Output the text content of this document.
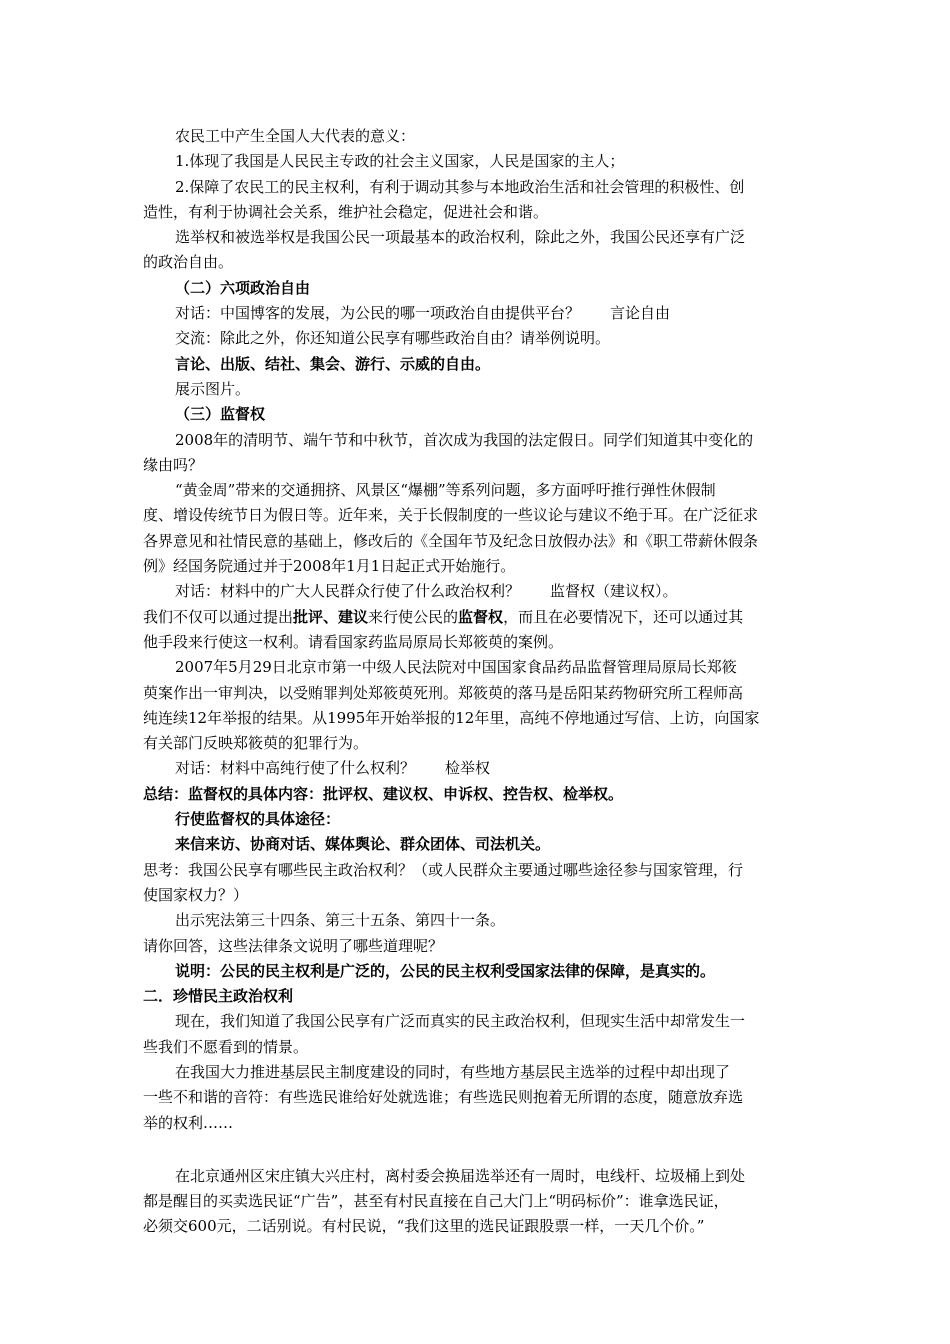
农民工中产生全国人大代表的意义：

1.体现了我国是人民民主专政的社会主义国家，人民是国家的主人；

2.保障了农民工的民主权利，有利于调动其参与本地政治生活和社会管理的积极性、创

造性，有利于协调社会关系，维护社会稳定，促进社会和谐。

选举权和被选举权是我国公民一项最基本的政治权利，除此之外，我国公民还享有广泛

的政治自由。

（二）六项政治自由

对话：中国博客的发展，为公民的哪一项政治自由提供平台？ 言论自由

交流：除此之外，你还知道公民享有哪些政治自由？请举例说明。

言论、出版、结社、集会、游行、示威的自由。

展示图片。

（三）监督权

2008年的清明节、端午节和中秋节，首次成为我国的法定假日。同学们知道其中变化的

缘由吗？

“黄金周”带来的交通拥挤、风景区“爆棚”等系列问题，多方面呼吁推行弹性休假制

度、增设传统节日为假日等。近年来，关于长假制度的一些议论与建议不绝于耳。在广泛征求

各界意见和社情民意的基础上，修改后的《全国年节及纪念日放假办法》和《职工带薪休假条

例》经国务院通过并于2008年1月1日起正式开始施行。

对话：材料中的广大人民群众行使了什么政治权利？ 监督权（建议权）。

我们不仅可以通过提出批评、建议来行使公民的监督权，而且在必要情况下，还可以通过其

他手段来行使这一权利。请看国家药监局原局长郑筱萸的案例。

2007年5月29日北京市第一中级人民法院对中国国家食品药品监督管理局原局长郑筱

萸案作出一审判决，以受贿罪判处郑筱萸死刑。郑筱萸的落马是岳阳某药物研究所工程师高

纯连续12年举报的结果。从1995年开始举报的12年里，高纯不停地通过写信、上访，向国家

有关部门反映郑筱萸的犯罪行为。

对话：材料中高纯行使了什么权利？ 检举权

总结：监督权的具体内容：批评权、建议权、申诉权、控告权、检举权。

行使监督权的具体途径：

来信来访、协商对话、媒体舆论、群众团体、司法机关。

思考：我国公民享有哪些民主政治权利？（或人民群众主要通过哪些途径参与国家管理，行

使国家权力？）

出示宪法第三十四条、第三十五条、第四十一条。

请你回答，这些法律条文说明了哪些道理呢？

说明：公民的民主权利是广泛的，公民的民主权利受国家法律的保障，是真实的。

二．珍惜民主政治权利

现在，我们知道了我国公民享有广泛而真实的民主政治权利，但现实生活中却常发生一

些我们不愿看到的情景。

在我国大力推进基层民主制度建设的同时，有些地方基层民主选举的过程中却出现了

一些不和谐的音符：有些选民谁给好处就选谁；有些选民则抱着无所谓的态度，随意放弃选

举的权利……

在北京通州区宋庄镇大兴庄村，离村委会换届选举还有一周时，电线杆、垃圾桶上到处

都是醒目的买卖选民证“广告”，甚至有村民直接在自己大门上“明码标价”：谁拿选民证，

必须交600元，二话别说。有村民说，“我们这里的选民证跟股票一样，一天几个价。”
